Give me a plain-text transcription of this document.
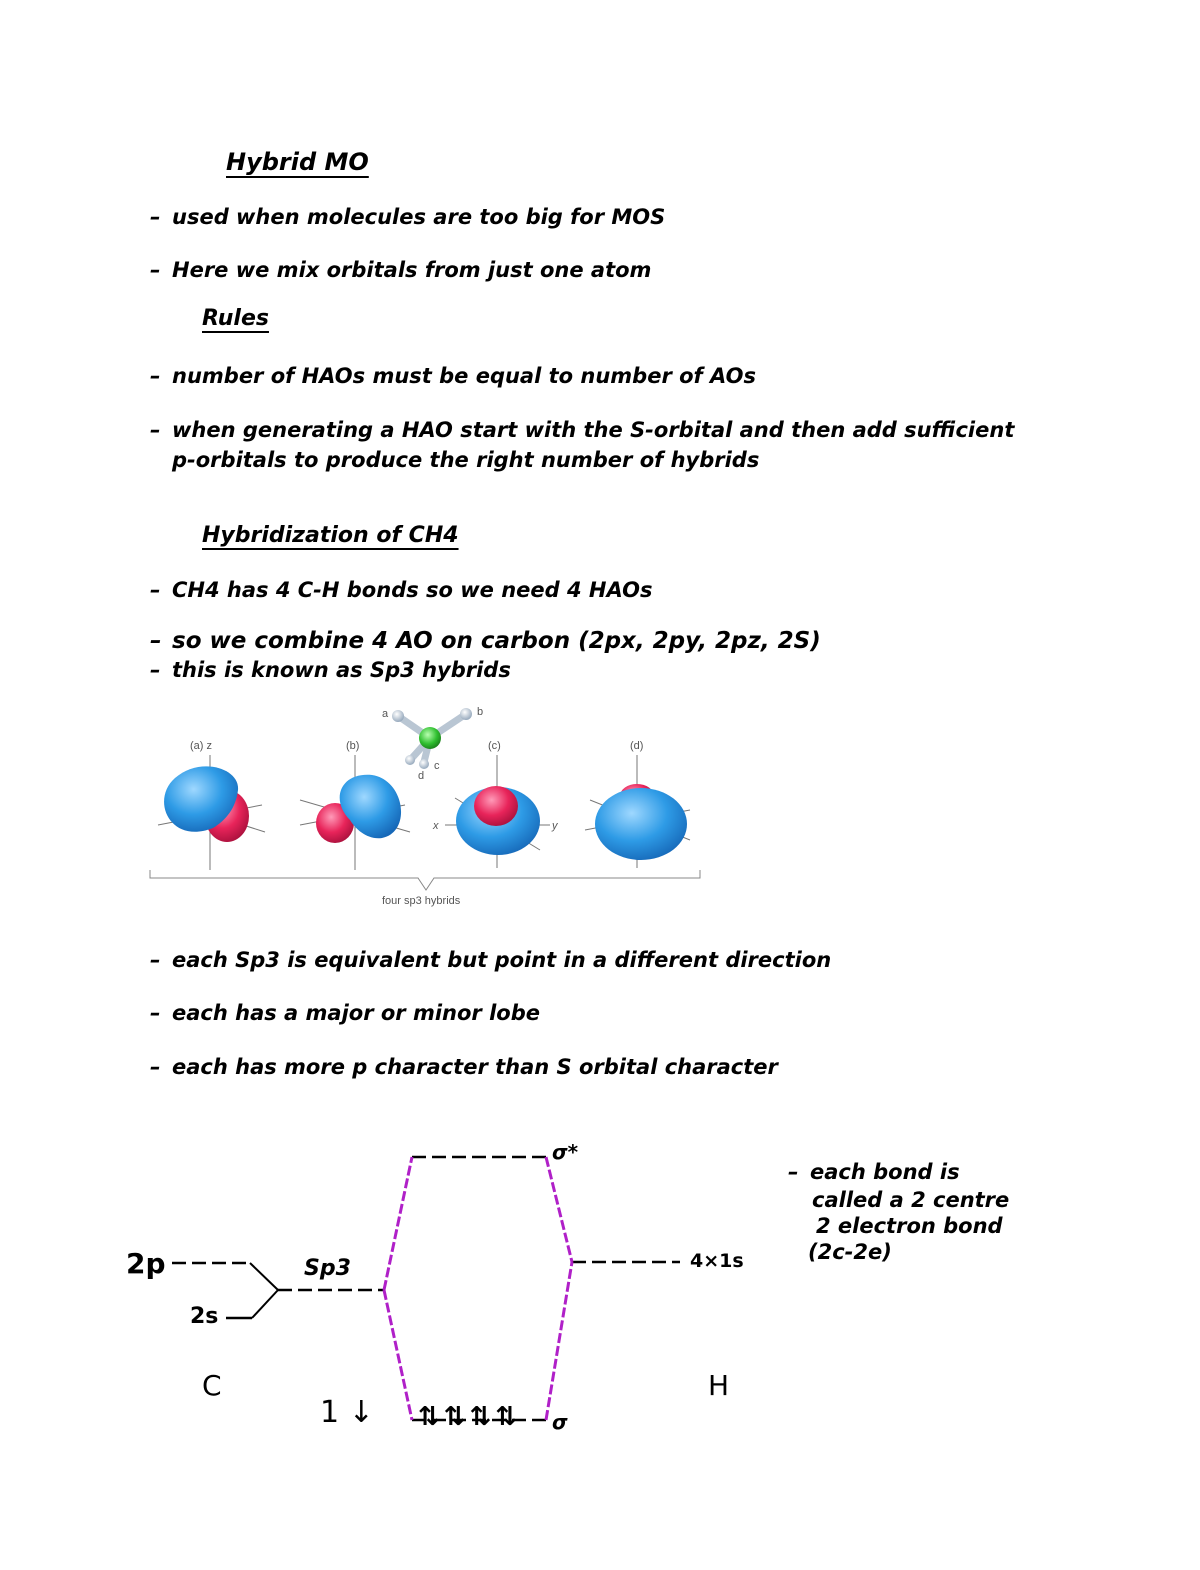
Hybrid MO
– used when molecules are too big for MOS
– Here we mix orbitals from just one atom
Rules
– number of HAOs must be equal to number of AOs
– when generating a HAO start with the S-orbital and then add sufficient
p-orbitals to produce the right number of hybrids
Hybridization of CH4
– CH4 has 4 C-H bonds so we need 4 HAOs
– so we combine 4 AO on carbon (2px, 2py, 2pz, 2S)
– this is known as Sp3 hybrids
(a) z	(b)	(c)	(d)
a	b
c
d
x	y
four sp3 hybrids
– each Sp3 is equivalent but point in a different direction
– each has a major or minor lobe
– each has more p character than S orbital character
2p
2s
Sp3
σ*
4×1s
σ
⇅⇅⇅⇅
C	H
1 ↓
– each bond is
called a 2 centre
2 electron bond
(2c-2e)
